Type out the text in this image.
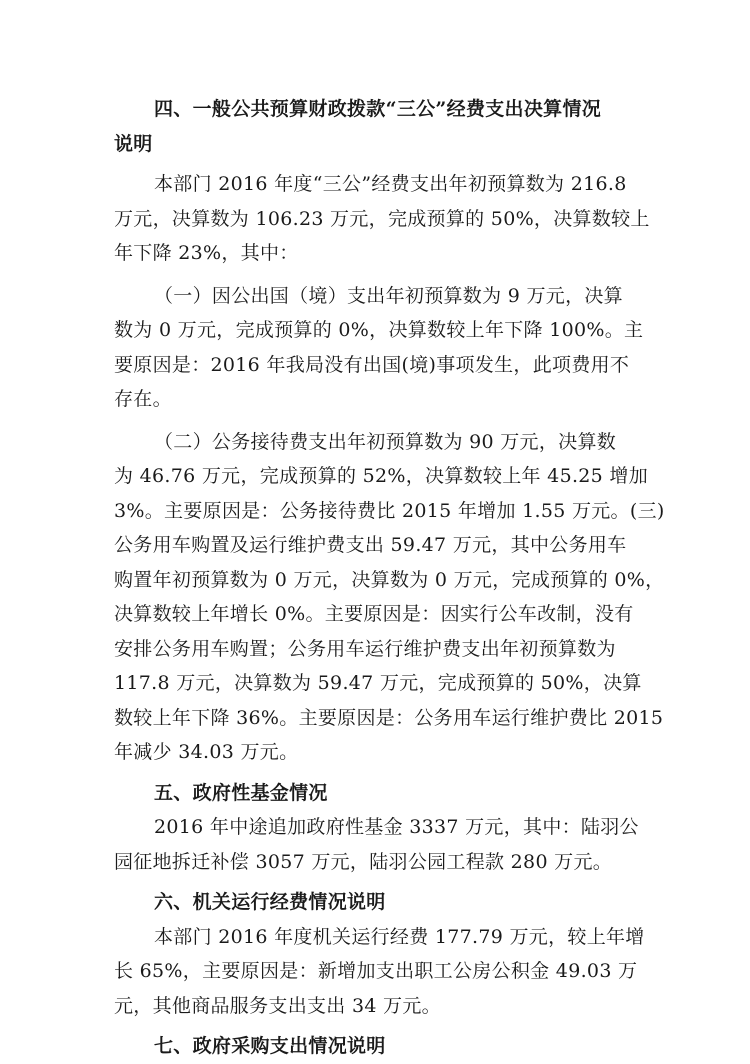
四、一般公共预算财政拨款“三公”经费支出决算情况
说明
本部门 2016 年度“三公”经费支出年初预算数为 216.8
万元，决算数为 106.23 万元，完成预算的 50%，决算数较上
年下降 23%，其中：
（一）因公出国（境）支出年初预算数为 9 万元，决算
数为 0 万元，完成预算的 0%，决算数较上年下降 100%。主
要原因是：2016 年我局没有出国(境)事项发生，此项费用不
存在。
（二）公务接待费支出年初预算数为 90 万元，决算数
为 46.76 万元，完成预算的 52%，决算数较上年 45.25 增加
3%。主要原因是：公务接待费比 2015 年增加 1.55 万元。(三)
公务用车购置及运行维护费支出 59.47 万元，其中公务用车
购置年初预算数为 0 万元，决算数为 0 万元，完成预算的 0%，
决算数较上年增长 0%。主要原因是：因实行公车改制，没有
安排公务用车购置；公务用车运行维护费支出年初预算数为
117.8 万元，决算数为 59.47 万元，完成预算的 50%，决算
数较上年下降 36%。主要原因是：公务用车运行维护费比 2015
年减少 34.03 万元。
五、政府性基金情况
2016 年中途追加政府性基金 3337 万元，其中：陆羽公
园征地拆迁补偿 3057 万元，陆羽公园工程款 280 万元。
六、机关运行经费情况说明
本部门 2016 年度机关运行经费 177.79 万元，较上年增
长 65%，主要原因是：新增加支出职工公房公积金 49.03 万
元，其他商品服务支出支出 34 万元。
七、政府采购支出情况说明
